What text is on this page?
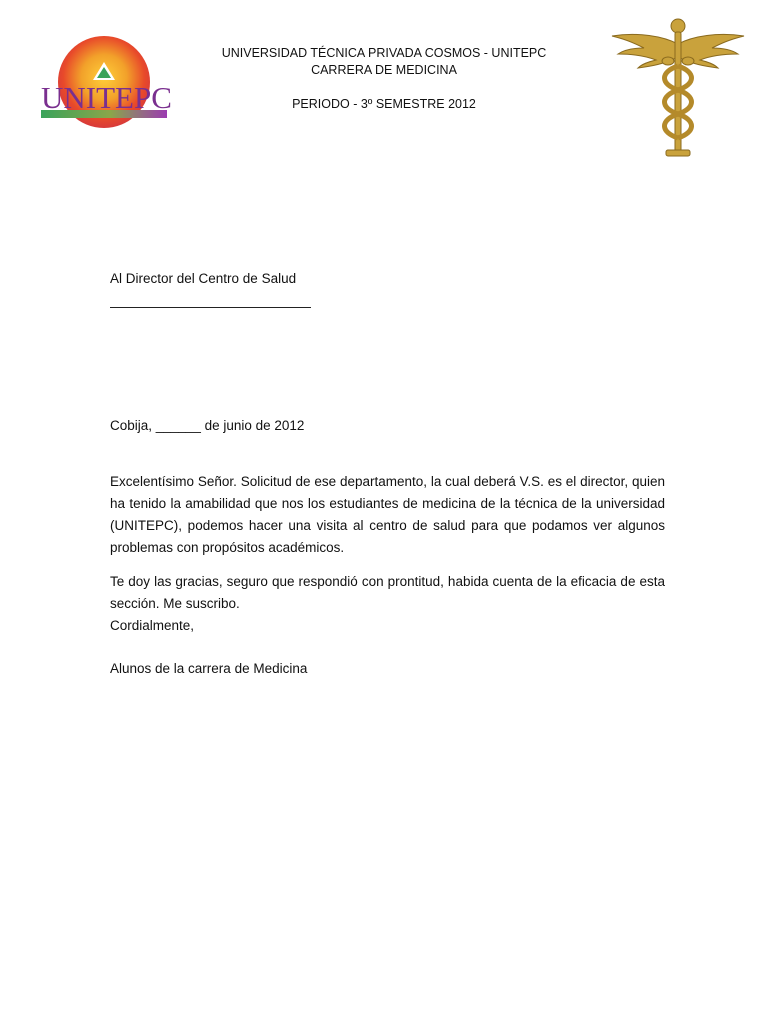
UNITEPC
UNIVERSIDAD TÉCNICA PRIVADA COSMOS - UNITEPC
CARRERA DE MEDICINA
PERIODO - 3º SEMESTRE 2012
Al Director del Centro de Salud
Cobija, ______ de junio de 2012
Excelentísimo Señor. Solicitud de ese departamento, la cual deberá V.S. es el director, quien ha tenido la amabilidad que nos los estudiantes de medicina de la técnica de la universidad (UNITEPC), podemos hacer una visita al centro de salud para que podamos ver algunos problemas con propósitos académicos.
Te doy las gracias, seguro que respondió con prontitud, habida cuenta de la eficacia de esta sección. Me suscribo.
Cordialmente,
Alunos de la carrera de Medicina
